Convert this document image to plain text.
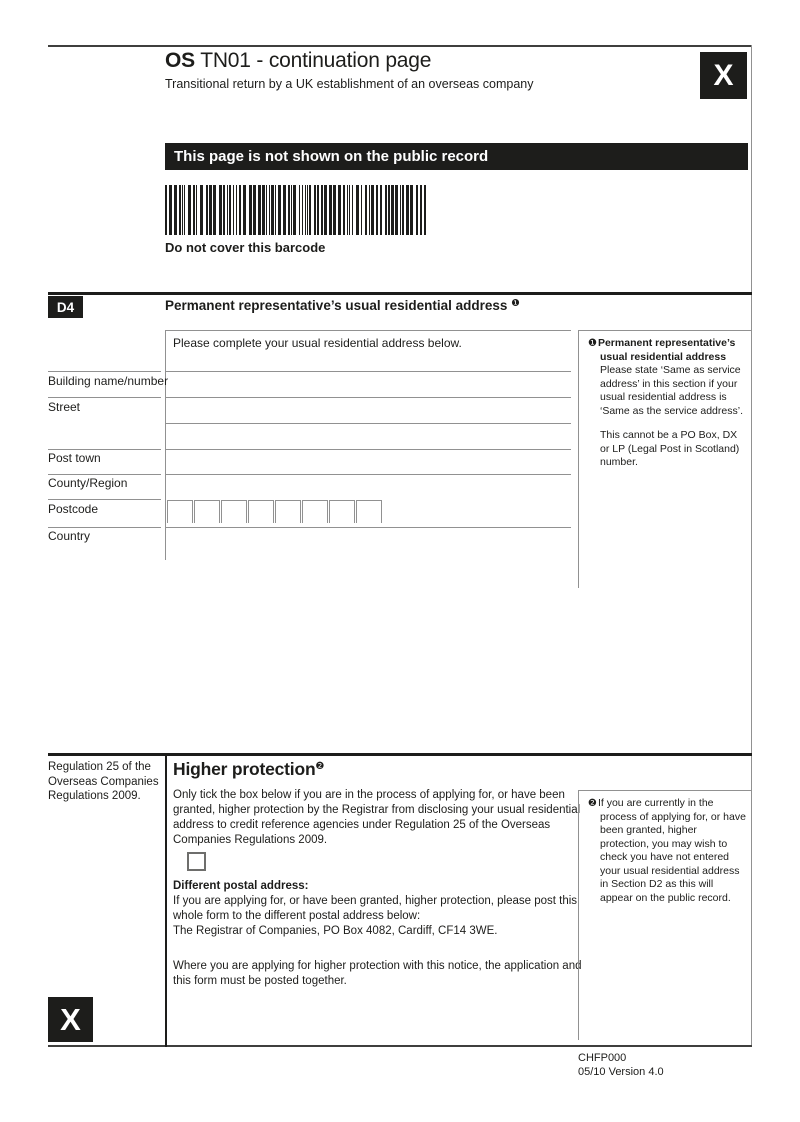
OS TN01 - continuation page
Transitional return by a UK establishment of an overseas company	X
This page is not shown on the public record
Do not cover this barcode
D4	Permanent representative’s usual residential address $^❶$
Please complete your usual residential address below.
Building name/number
Street
Post town
County/Region
Postcode
Country

❶Permanent representative’s usual residential address
Please state ‘Same as service address’ in this section if your usual residential address is ‘Same as the service address’.

This cannot be a PO Box, DX or LP (Legal Post in Scotland) number.

Regulation 25 of the Overseas Companies Regulations 2009.
Higher protection$^❷$
Only tick the box below if you are in the process of applying for, or have been granted, higher protection by the Registrar from disclosing your usual residential address to credit reference agencies under Regulation 25 of the Overseas Companies Regulations 2009.
Different postal address:
If you are applying for, or have been granted, higher protection, please post this whole form to the different postal address below:
The Registrar of Companies, PO Box 4082, Cardiff, CF14 3WE.
Where you are applying for higher protection with this notice, the application and this form must be posted together.

❷If you are currently in the process of applying for, or have been granted, higher protection, you may wish to check you have not entered your usual residential address in Section D2 as this will appear on the public record.

X
CHFP000
05/10 Version 4.0
